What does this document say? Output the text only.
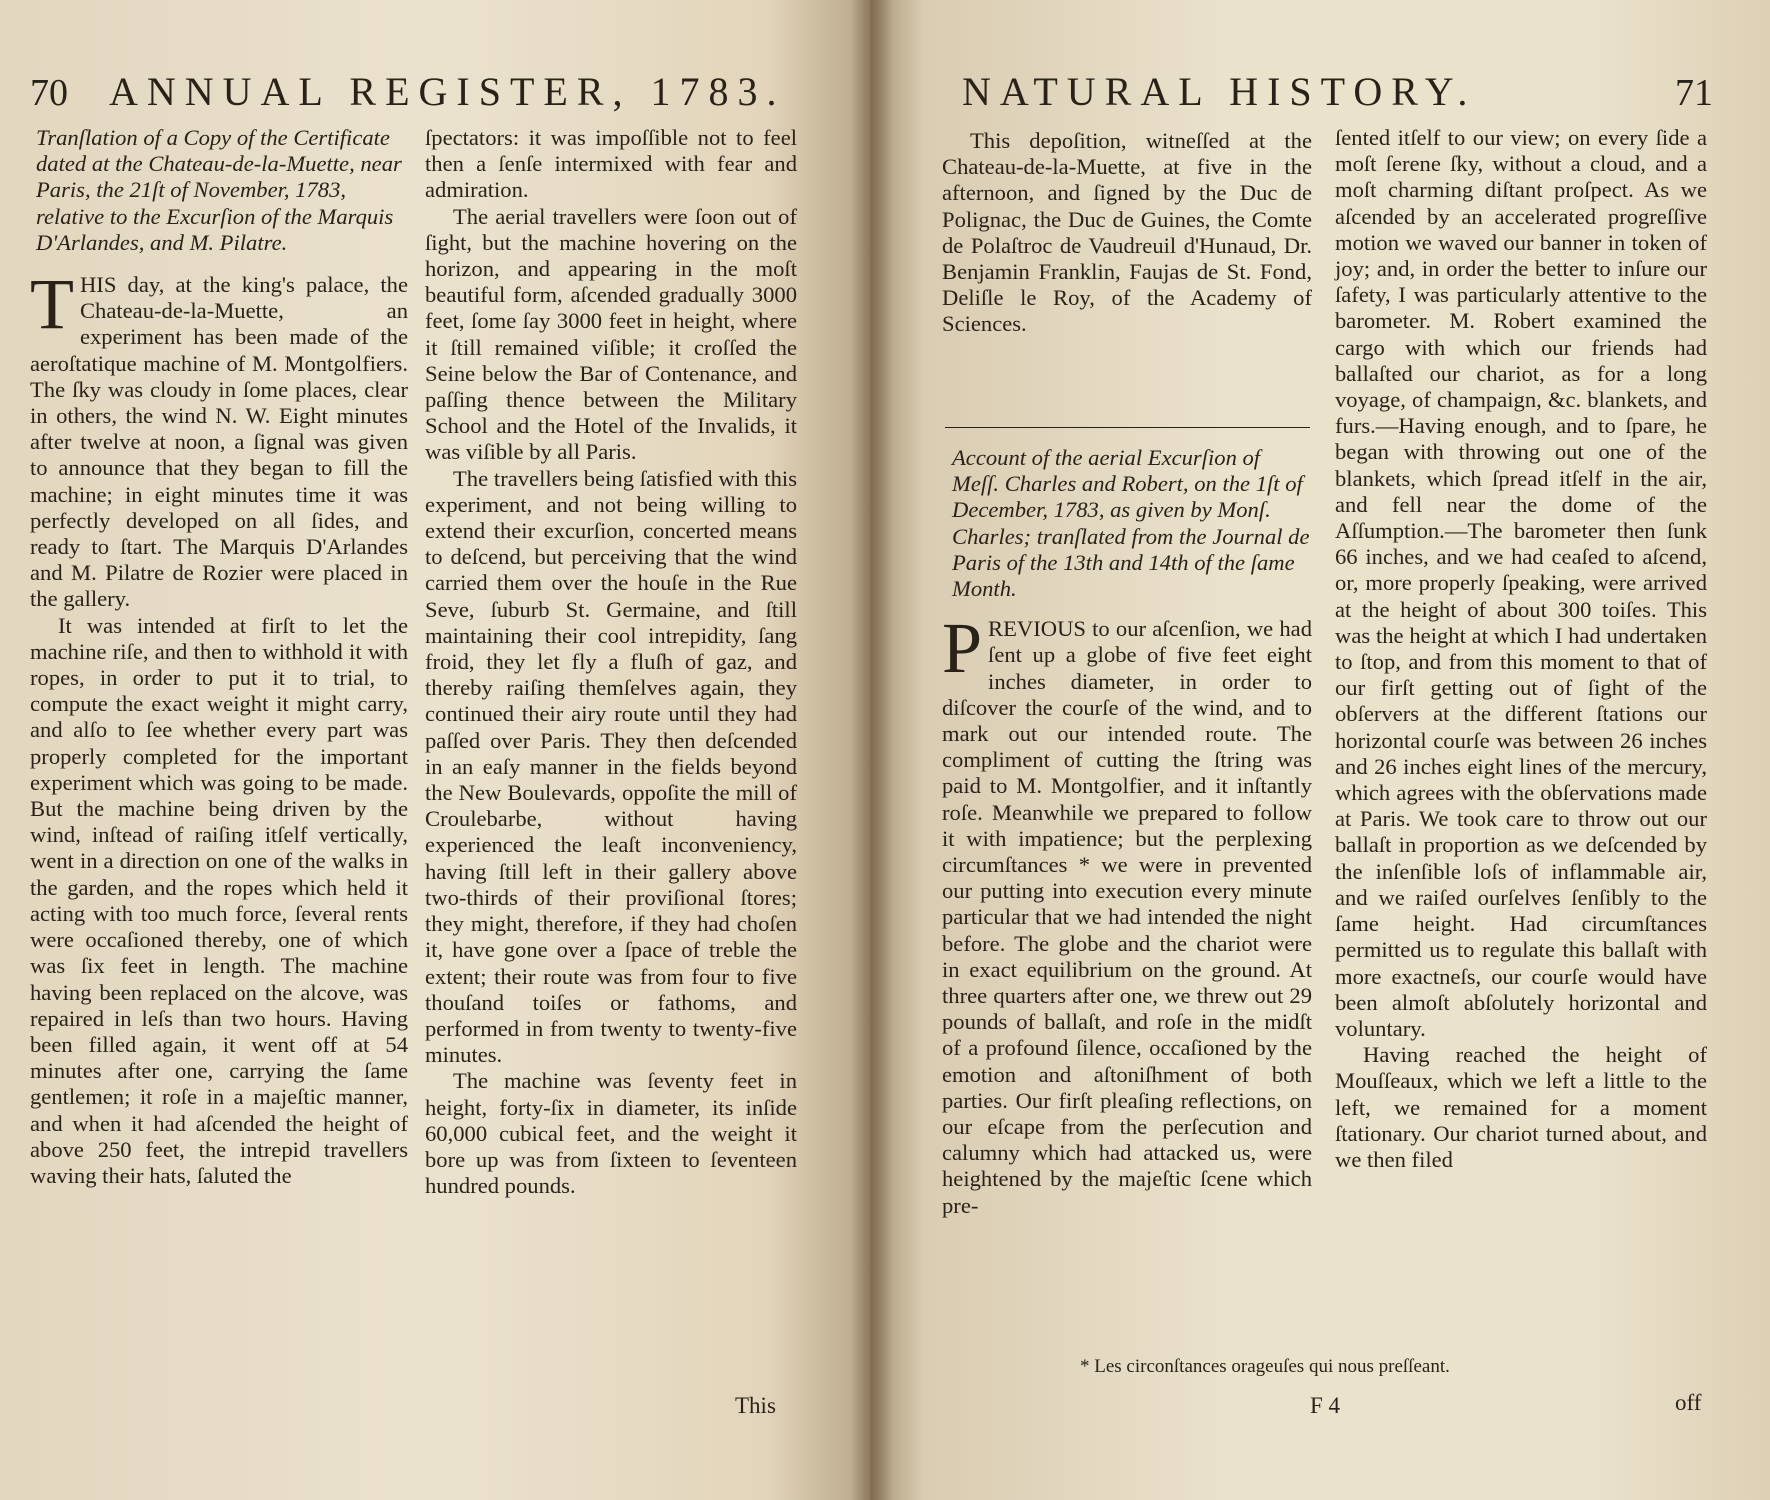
70 ANNUAL REGISTER, 1783.

Tranſlation of a Copy of the Certificate dated at the Chateau-de-la-Muette, near Paris, the 21ſt of November, 1783, relative to the Excurſion of the Marquis D'Arlandes, and M. Pilatre.

THIS day, at the king's palace, the Chateau-de-la-Muette, an experiment has been made of the aeroſtatique machine of M. Montgolfiers. The ſky was cloudy in ſome places, clear in others, the wind N. W. Eight minutes after twelve at noon, a ſignal was given to announce that they began to fill the machine; in eight minutes time it was perfectly developed on all ſides, and ready to ſtart. The Marquis D'Arlandes and M. Pilatre de Rozier were placed in the gallery.

It was intended at firſt to let the machine riſe, and then to withhold it with ropes, in order to put it to trial, to compute the exact weight it might carry, and alſo to ſee whether every part was properly completed for the important experiment which was going to be made. But the machine being driven by the wind, inſtead of raiſing itſelf vertically, went in a direction on one of the walks in the garden, and the ropes which held it acting with too much force, ſeveral rents were occaſioned thereby, one of which was ſix feet in length. The machine having been replaced on the alcove, was repaired in leſs than two hours. Having been filled again, it went off at 54 minutes after one, carrying the ſame gentlemen; it roſe in a majeſtic manner, and when it had aſcended the height of above 250 feet, the intrepid travellers waving their hats, ſaluted the

ſpectators: it was impoſſible not to feel then a ſenſe intermixed with fear and admiration.

The aerial travellers were ſoon out of ſight, but the machine hovering on the horizon, and appearing in the moſt beautiful form, aſcended gradually 3000 feet, ſome ſay 3000 feet in height, where it ſtill remained viſible; it croſſed the Seine below the Bar of Contenance, and paſſing thence between the Military School and the Hotel of the Invalids, it was viſible by all Paris.

The travellers being ſatisfied with this experiment, and not being willing to extend their excurſion, concerted means to deſcend, but perceiving that the wind carried them over the houſe in the Rue Seve, ſuburb St. Germaine, and ſtill maintaining their cool intrepidity, ſang froid, they let fly a fluſh of gaz, and thereby raiſing themſelves again, they continued their airy route until they had paſſed over Paris. They then deſcended in an eaſy manner in the fields beyond the New Boulevards, oppoſite the mill of Croulebarbe, without having experienced the leaſt inconveniency, having ſtill left in their gallery above two-thirds of their proviſional ſtores; they might, therefore, if they had choſen it, have gone over a ſpace of treble the extent; their route was from four to five thouſand toiſes or fathoms, and performed in from twenty to twenty-five minutes.

The machine was ſeventy feet in height, forty-ſix in diameter, its inſide 60,000 cubical feet, and the weight it bore up was from ſixteen to ſeventeen hundred pounds.

This
NATURAL HISTORY.	71

This depoſition, witneſſed at the Chateau-de-la-Muette, at five in the afternoon, and ſigned by the Duc de Polignac, the Duc de Guines, the Comte de Polaſtroc de Vaudreuil d'Hunaud, Dr. Benjamin Franklin, Faujas de St. Fond, Deliſle le Roy, of the Academy of Sciences.

Account of the aerial Excurſion of Meſſ. Charles and Robert, on the 1ſt of December, 1783, as given by Monſ. Charles; tranſlated from the Journal de Paris of the 13th and 14th of the ſame Month.

PREVIOUS to our aſcenſion, we had ſent up a globe of five feet eight inches diameter, in order to diſcover the courſe of the wind, and to mark out our intended route. The compliment of cutting the ſtring was paid to M. Montgolfier, and it inſtantly roſe. Meanwhile we prepared to follow it with impatience; but the perplexing circumſtances * we were in prevented our putting into execution every minute particular that we had intended the night before. The globe and the chariot were in exact equilibrium on the ground. At three quarters after one, we threw out 29 pounds of ballaſt, and roſe in the midſt of a profound ſilence, occaſioned by the emotion and aſtoniſhment of both parties. Our firſt pleaſing reflections, on our eſcape from the perſecution and calumny which had attacked us, were heightened by the majeſtic ſcene which pre-

ſented itſelf to our view; on every ſide a moſt ſerene ſky, without a cloud, and a moſt charming diſtant proſpect. As we aſcended by an accelerated progreſſive motion we waved our banner in token of joy; and, in order the better to inſure our ſafety, I was particularly attentive to the barometer. M. Robert examined the cargo with which our friends had ballaſted our chariot, as for a long voyage, of champaign, &c. blankets, and furs.—Having enough, and to ſpare, he began with throwing out one of the blankets, which ſpread itſelf in the air, and fell near the dome of the Aſſumption.—The barometer then ſunk 66 inches, and we had ceaſed to aſcend, or, more properly ſpeaking, were arrived at the height of about 300 toiſes. This was the height at which I had undertaken to ſtop, and from this moment to that of our firſt getting out of ſight of the obſervers at the different ſtations our horizontal courſe was between 26 inches and 26 inches eight lines of the mercury, which agrees with the obſervations made at Paris. We took care to throw out our ballaſt in proportion as we deſcended by the inſenſible loſs of inflammable air, and we raiſed ourſelves ſenſibly to the ſame height. Had circumſtances permitted us to regulate this ballaſt with more exactneſs, our courſe would have been almoſt abſolutely horizontal and voluntary.

Having reached the height of Mouſſeaux, which we left a little to the left, we remained for a moment ſtationary. Our chariot turned about, and we then filed

* Les circonſtances orageuſes qui nous preſſeant.
F 4	off
